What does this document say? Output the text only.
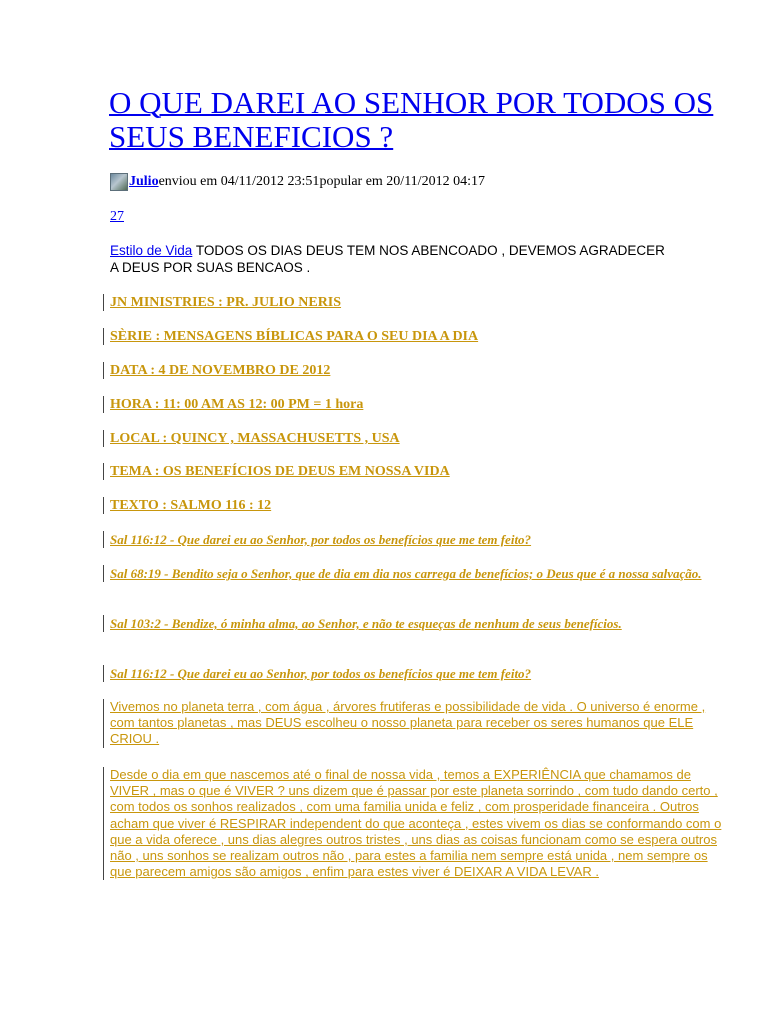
O QUE DAREI AO SENHOR POR TODOS OS SEUS BENEFICIOS ?
Julio enviou em 04/11/2012 23:51 popular em 20/11/2012 04:17
27
Estilo de Vida TODOS OS DIAS DEUS TEM NOS ABENCOADO , DEVEMOS AGRADECER A DEUS POR SUAS BENCAOS .
JN MINISTRIES : PR. JULIO NERIS
SÈRIE : MENSAGENS BÍBLICAS PARA O SEU DIA A DIA
DATA : 4 DE NOVEMBRO DE 2012
HORA : 11: 00 AM AS 12: 00 PM = 1 hora
LOCAL : QUINCY , MASSACHUSETTS , USA
TEMA : OS BENEFÍCIOS DE DEUS EM NOSSA VIDA
TEXTO : SALMO 116 : 12
Sal 116:12 - Que darei eu ao Senhor, por todos os benefícios que me tem feito?
Sal 68:19 - Bendito seja o Senhor, que de dia em dia nos carrega de benefícios; o Deus que é a nossa salvação.
Sal 103:2 - Bendize, ó minha alma, ao Senhor, e não te esqueças de nenhum de seus benefícios.
Sal 116:12 - Que darei eu ao Senhor, por todos os benefícios que me tem feito?
Vivemos no planeta terra , com água , árvores frutiferas e possibilidade de vida . O universo é enorme , com tantos planetas , mas DEUS escolheu o nosso planeta para receber os seres humanos que ELE CRIOU .
Desde o dia em que nascemos até o final de nossa vida , temos a EXPERIÊNCIA que chamamos de VIVER , mas o que é VIVER ? uns dizem que é passar por este planeta sorrindo , com tudo dando certo , com todos os sonhos realizados , com uma familia unida e feliz , com prosperidade financeira . Outros acham que viver é RESPIRAR independent do que aconteça , estes vivem os dias se conformando com o que a vida oferece , uns dias alegres outros tristes , uns dias as coisas funcionam como se espera outros não , uns sonhos se realizam outros não , para estes a familia nem sempre está unida , nem sempre os que parecem amigos são amigos , enfim para estes viver é DEIXAR A VIDA LEVAR .
